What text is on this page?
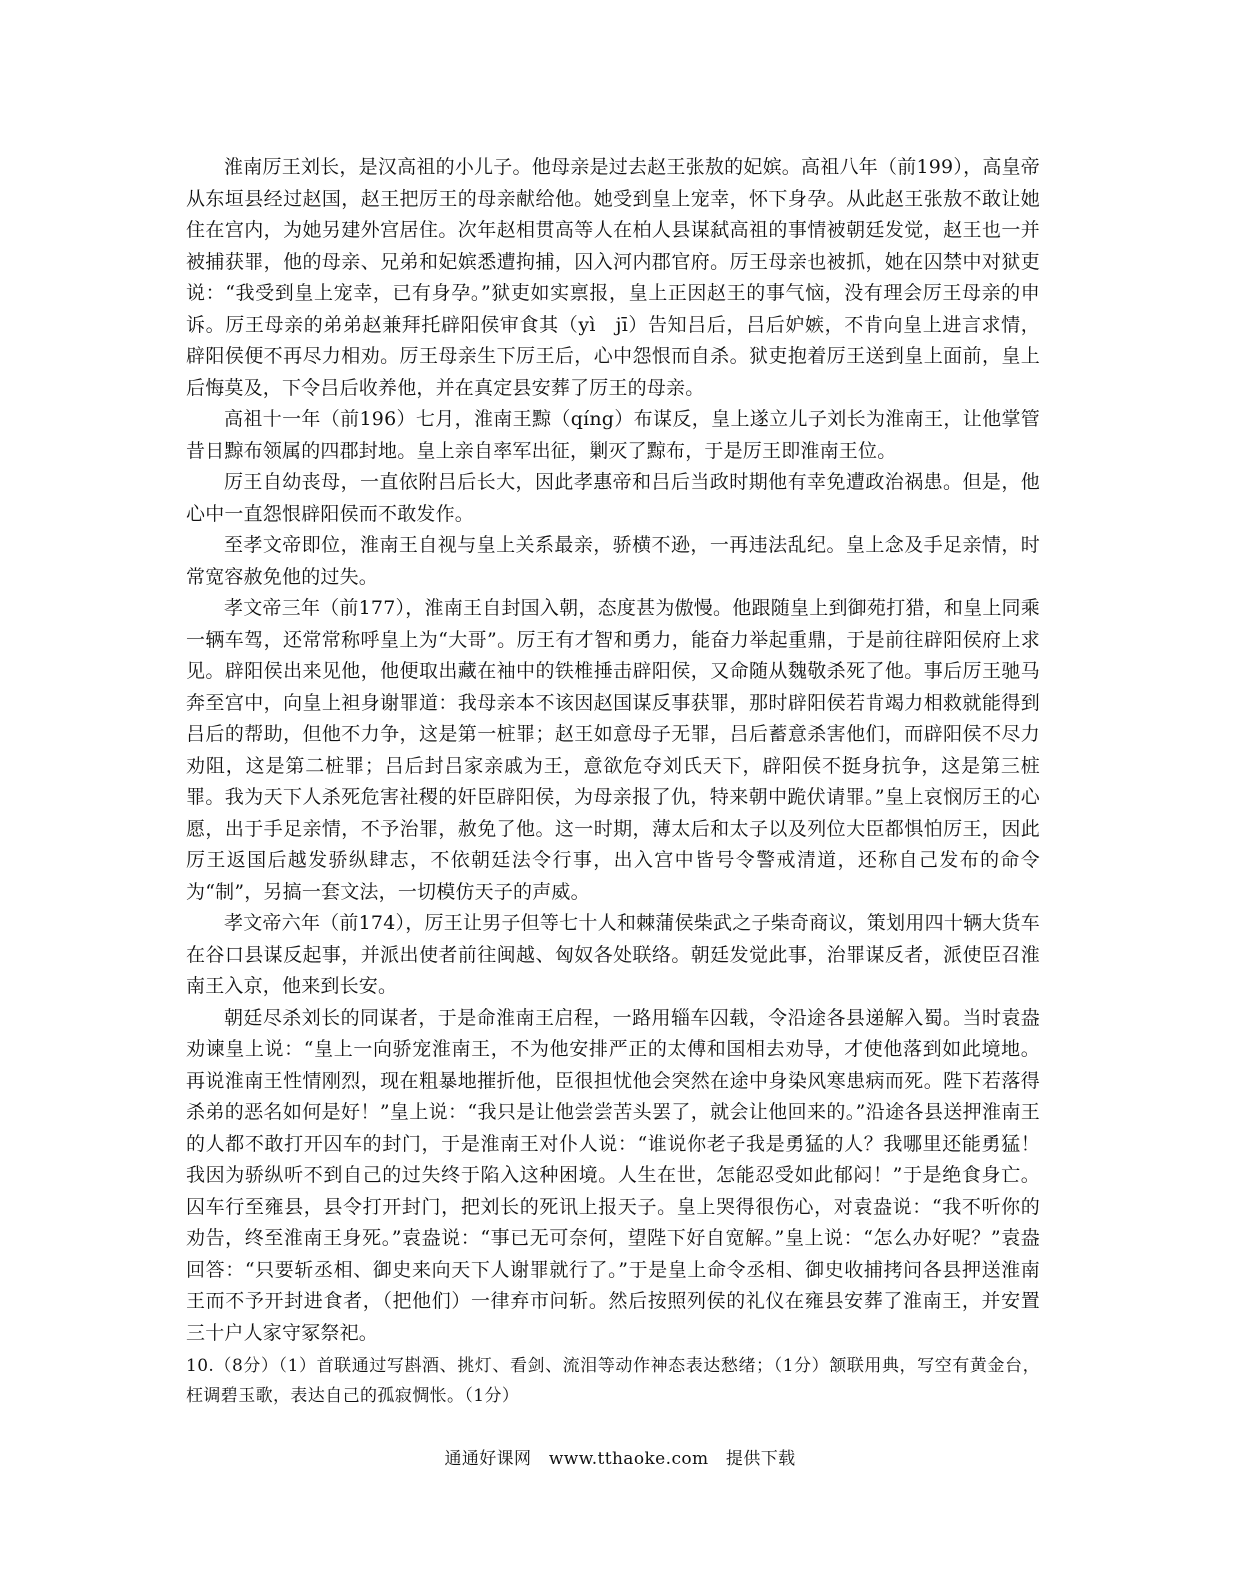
淮南厉王刘长，是汉高祖的小儿子。他母亲是过去赵王张敖的妃嫔。高祖八年（前199），高皇帝从东垣县经过赵国，赵王把厉王的母亲献给他。她受到皇上宠幸，怀下身孕。从此赵王张敖不敢让她住在宫内，为她另建外宫居住。次年赵相贯高等人在柏人县谋弑高祖的事情被朝廷发觉，赵王也一并被捕获罪，他的母亲、兄弟和妃嫔悉遭拘捕，囚入河内郡官府。厉王母亲也被抓，她在囚禁中对狱吏说：“我受到皇上宠幸，已有身孕。”狱吏如实禀报，皇上正因赵王的事气恼，没有理会厉王母亲的申诉。厉王母亲的弟弟赵兼拜托辟阳侯审食其（yì　jī）告知吕后，吕后妒嫉，不肯向皇上进言求情，辟阳侯便不再尽力相劝。厉王母亲生下厉王后，心中怨恨而自杀。狱吏抱着厉王送到皇上面前，皇上后悔莫及，下令吕后收养他，并在真定县安葬了厉王的母亲。

高祖十一年（前196）七月，淮南王黥（qíng）布谋反，皇上遂立儿子刘长为淮南王，让他掌管昔日黥布领属的四郡封地。皇上亲自率军出征，剿灭了黥布，于是厉王即淮南王位。

厉王自幼丧母，一直依附吕后长大，因此孝惠帝和吕后当政时期他有幸免遭政治祸患。但是，他心中一直怨恨辟阳侯而不敢发作。

至孝文帝即位，淮南王自视与皇上关系最亲，骄横不逊，一再违法乱纪。皇上念及手足亲情，时常宽容赦免他的过失。

孝文帝三年（前177），淮南王自封国入朝，态度甚为傲慢。他跟随皇上到御苑打猎，和皇上同乘一辆车驾，还常常称呼皇上为“大哥”。厉王有才智和勇力，能奋力举起重鼎，于是前往辟阳侯府上求见。辟阳侯出来见他，他便取出藏在袖中的铁椎捶击辟阳侯，又命随从魏敬杀死了他。事后厉王驰马奔至宫中，向皇上袒身谢罪道：我母亲本不该因赵国谋反事获罪，那时辟阳侯若肯竭力相救就能得到吕后的帮助，但他不力争，这是第一桩罪；赵王如意母子无罪，吕后蓄意杀害他们，而辟阳侯不尽力劝阻，这是第二桩罪；吕后封吕家亲戚为王，意欲危夺刘氏天下，辟阳侯不挺身抗争，这是第三桩罪。我为天下人杀死危害社稷的奸臣辟阳侯，为母亲报了仇，特来朝中跪伏请罪。”皇上哀悯厉王的心愿，出于手足亲情，不予治罪，赦免了他。这一时期，薄太后和太子以及列位大臣都惧怕厉王，因此厉王返国后越发骄纵肆志，不依朝廷法令行事，出入宫中皆号令警戒清道，还称自己发布的命令为“制”，另搞一套文法，一切模仿天子的声威。

孝文帝六年（前174），厉王让男子但等七十人和棘蒲侯柴武之子柴奇商议，策划用四十辆大货车在谷口县谋反起事，并派出使者前往闽越、匈奴各处联络。朝廷发觉此事，治罪谋反者，派使臣召淮南王入京，他来到长安。

朝廷尽杀刘长的同谋者，于是命淮南王启程，一路用辎车囚载，令沿途各县递解入蜀。当时袁盎劝谏皇上说：“皇上一向骄宠淮南王，不为他安排严正的太傅和国相去劝导，才使他落到如此境地。再说淮南王性情刚烈，现在粗暴地摧折他，臣很担忧他会突然在途中身染风寒患病而死。陛下若落得杀弟的恶名如何是好！”皇上说：“我只是让他尝尝苦头罢了，就会让他回来的。”沿途各县送押淮南王的人都不敢打开囚车的封门，于是淮南王对仆人说：“谁说你老子我是勇猛的人？我哪里还能勇猛！我因为骄纵听不到自己的过失终于陷入这种困境。人生在世，怎能忍受如此郁闷！”于是绝食身亡。囚车行至雍县，县令打开封门，把刘长的死讯上报天子。皇上哭得很伤心，对袁盎说：“我不听你的劝告，终至淮南王身死。”袁盎说：“事已无可奈何，望陛下好自宽解。”皇上说：“怎么办好呢？”袁盎回答：“只要斩丞相、御史来向天下人谢罪就行了。”于是皇上命令丞相、御史收捕拷问各县押送淮南王而不予开封进食者，（把他们）一律弃市问斩。然后按照列侯的礼仪在雍县安葬了淮南王，并安置三十户人家守冢祭祀。

10.（8分）（1）首联通过写斟酒、挑灯、看剑、流泪等动作神态表达愁绪；（1分）颔联用典，写空有黄金台，枉调碧玉歌，表达自己的孤寂惆怅。（1分）

通通好课网　www.tthaoke.com　提供下载
